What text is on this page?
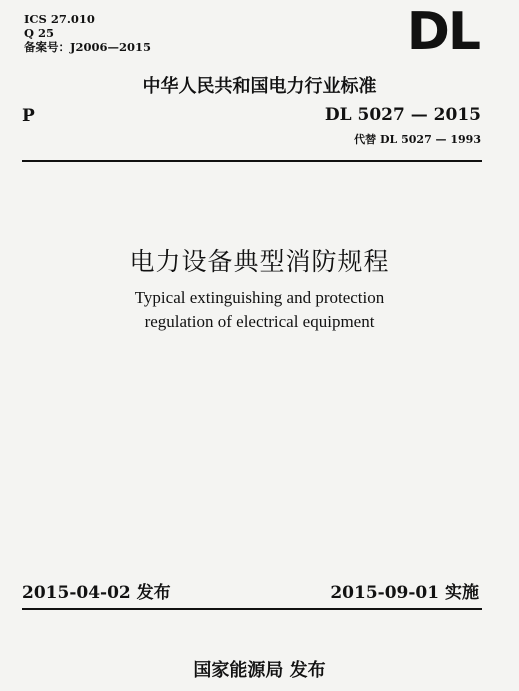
ICS 27.010
Q 25
备案号：J2006—2015	DL
中华人民共和国电力行业标准
P	DL 5027 — 2015
代替 DL 5027 — 1993
电力设备典型消防规程
Typical extinguishing and protection
regulation of electrical equipment
2015-04-02 发布	2015-09-01 实施
国家能源局 发布
